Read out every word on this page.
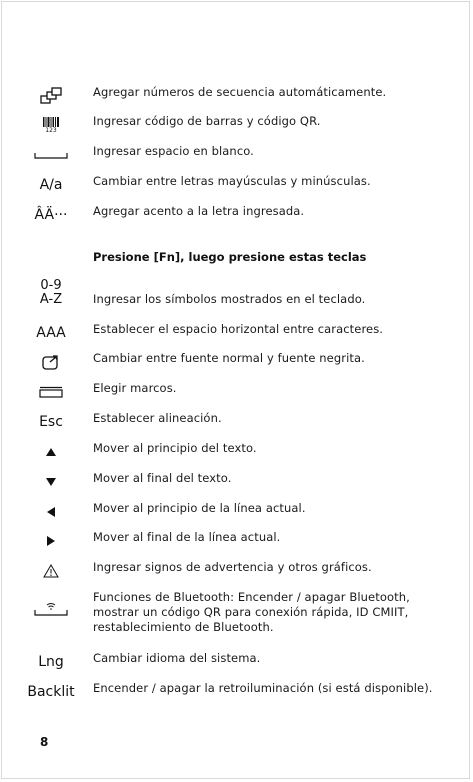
Agregar números de secuencia automáticamente.
123
Ingresar código de barras y código QR.
Ingresar espacio en blanco.
A/a	Cambiar entre letras mayúsculas y minúsculas.
ÂÄ···	Agregar acento a la letra ingresada.
Presione [Fn], luego presione estas teclas
0-9
A-Z	Ingresar los símbolos mostrados en el teclado.
AAA	Establecer el espacio horizontal entre caracteres.
Cambiar entre fuente normal y fuente negrita.
Elegir marcos.
Esc	Establecer alineación.
Mover al principio del texto.
Mover al final del texto.
Mover al principio de la línea actual.
Mover al final de la línea actual.
Ingresar signos de advertencia y otros gráficos.
Funciones de Bluetooth: Encender / apagar Bluetooth, mostrar un código QR para conexión rápida, ID CMIIT, restablecimiento de Bluetooth.
Lng	Cambiar idioma del sistema.
Backlit	Encender / apagar la retroiluminación (si está disponible).
8
